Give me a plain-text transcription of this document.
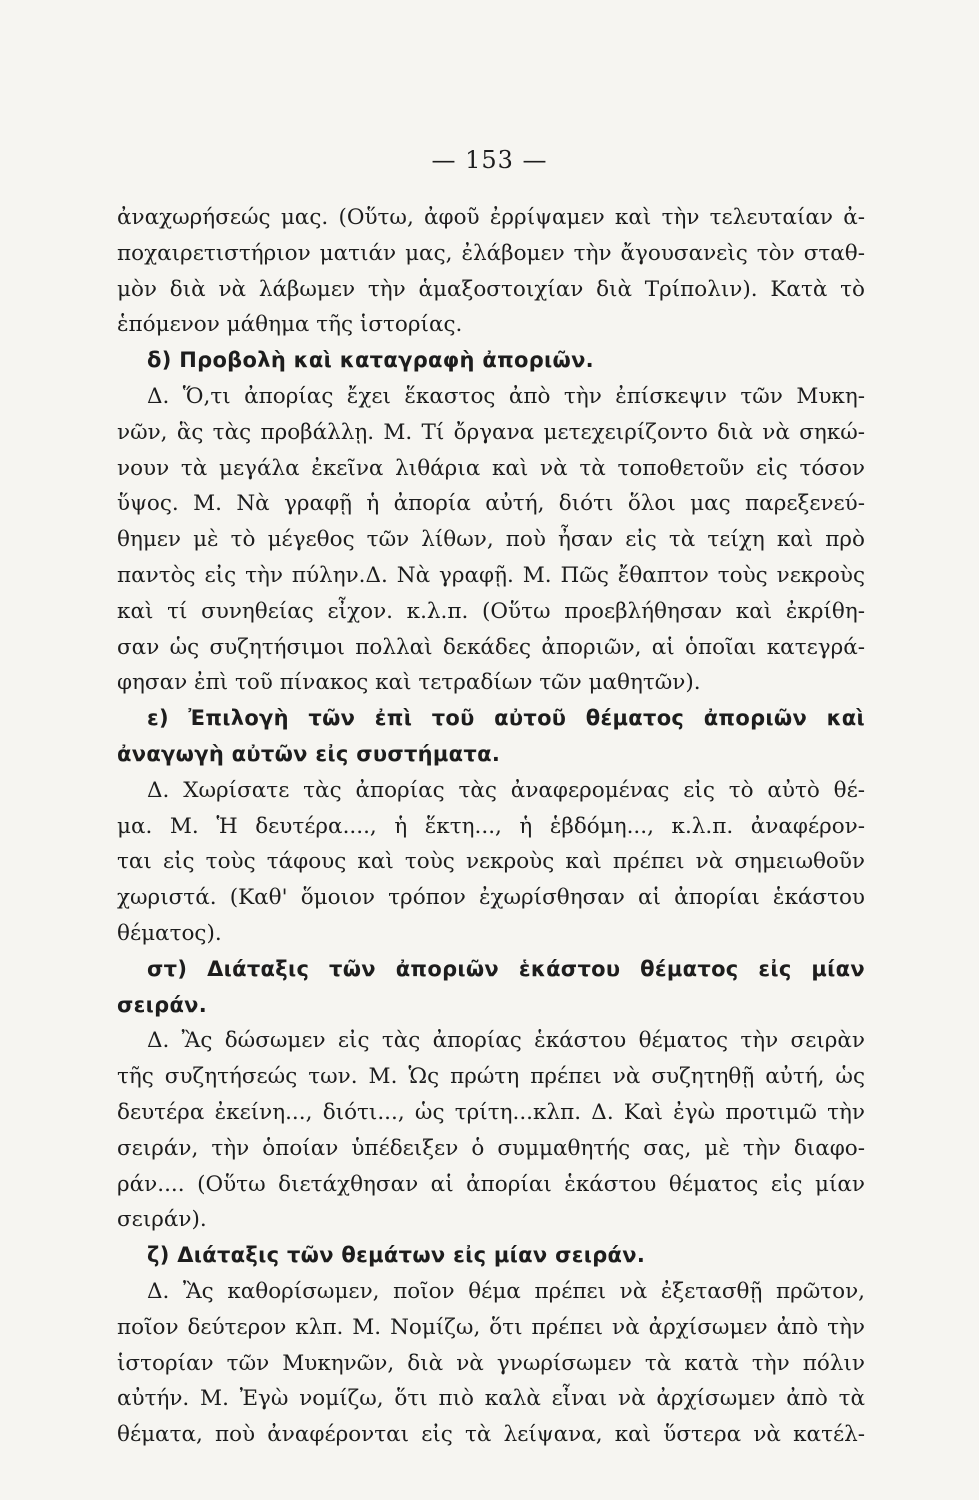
— 153 —
ἀναχωρήσεώς μας. (Οὕτω, ἀφοῦ ἐρρίψαμεν καὶ τὴν τελευταίαν ἀ-
ποχαιρετιστήριον ματιάν μας, ἐλάβομεν τὴν ἄγουσανεὶς τὸν σταθ-
μὸν διὰ νὰ λάβωμεν τὴν ἁμαξοστοιχίαν διὰ Τρίπολιν). Κατὰ τὸ
ἑπόμενον μάθημα τῆς ἱστορίας.
δ) Προβολὴ καὶ καταγραφὴ ἀποριῶν.
Δ. Ὅ,τι ἀπορίας ἔχει ἕκαστος ἀπὸ τὴν ἐπίσκεψιν τῶν Μυκη-
νῶν, ἃς τὰς προβάλλῃ. Μ. Τί ὄργανα μετεχειρίζοντο διὰ νὰ σηκώ-
νουν τὰ μεγάλα ἐκεῖνα λιθάρια καὶ νὰ τὰ τοποθετοῦν εἰς τόσον
ὕψος. Μ. Νὰ γραφῇ ἡ ἀπορία αὐτή, διότι ὅλοι μας παρεξενεύ-
θημεν μὲ τὸ μέγεθος τῶν λίθων, ποὺ ἦσαν εἰς τὰ τείχη καὶ πρὸ
παντὸς εἰς τὴν πύλην.Δ. Νὰ γραφῇ. Μ. Πῶς ἔθαπτον τοὺς νεκροὺς
καὶ τί συνηθείας εἶχον. κ.λ.π. (Οὕτω προεβλήθησαν καὶ ἐκρίθη-
σαν ὡς συζητήσιμοι πολλαὶ δεκάδες ἀποριῶν, αἱ ὁποῖαι κατεγρά-
φησαν ἐπὶ τοῦ πίνακος καὶ τετραδίων τῶν μαθητῶν).
ε) Ἐπιλογὴ τῶν ἐπὶ τοῦ αὐτοῦ θέματος ἀποριῶν καὶ
ἀναγωγὴ αὐτῶν εἰς συστήματα.
Δ. Χωρίσατε τὰς ἀπορίας τὰς ἀναφερομένας εἰς τὸ αὐτὸ θέ-
μα. Μ. Ἡ δευτέρα...., ἡ ἕκτη..., ἡ ἑβδόμη..., κ.λ.π. ἀναφέρον-
ται εἰς τοὺς τάφους καὶ τοὺς νεκροὺς καὶ πρέπει νὰ σημειωθοῦν
χωριστά. (Καθ' ὅμοιον τρόπον ἐχωρίσθησαν αἱ ἀπορίαι ἑκάστου
θέματος).
στ) Διάταξις τῶν ἀποριῶν ἑκάστου θέματος εἰς μίαν
σειράν.
Δ. Ἂς δώσωμεν εἰς τὰς ἀπορίας ἑκάστου θέματος τὴν σειρὰν
τῆς συζητήσεώς των. Μ. Ὡς πρώτη πρέπει νὰ συζητηθῇ αὐτή, ὡς
δευτέρα ἐκείνη..., διότι..., ὡς τρίτη...κλπ. Δ. Καὶ ἐγὼ προτιμῶ τὴν
σειράν, τὴν ὁποίαν ὑπέδειξεν ὁ συμμαθητής σας, μὲ τὴν διαφο-
ράν.... (Οὕτω διετάχθησαν αἱ ἀπορίαι ἑκάστου θέματος εἰς μίαν
σειράν).
ζ) Διάταξις τῶν θεμάτων εἰς μίαν σειράν.
Δ. Ἂς καθορίσωμεν, ποῖον θέμα πρέπει νὰ ἐξετασθῇ πρῶτον,
ποῖον δεύτερον κλπ. Μ. Νομίζω, ὅτι πρέπει νὰ ἀρχίσωμεν ἀπὸ τὴν
ἱστορίαν τῶν Μυκηνῶν, διὰ νὰ γνωρίσωμεν τὰ κατὰ τὴν πόλιν
αὐτήν. Μ. Ἐγὼ νομίζω, ὅτι πιὸ καλὰ εἶναι νὰ ἀρχίσωμεν ἀπὸ τὰ
θέματα, ποὺ ἀναφέρονται εἰς τὰ λείψανα, καὶ ὕστερα νὰ κατέλ-
